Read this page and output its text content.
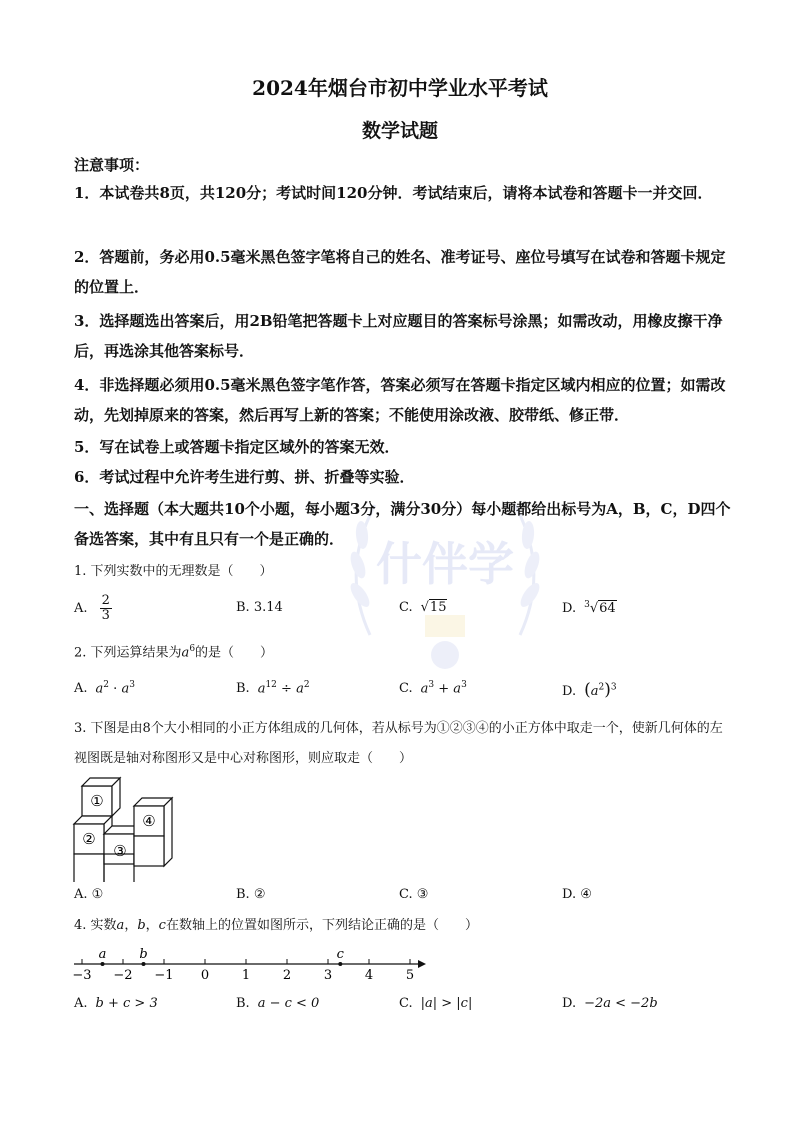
什伴学
2024年烟台市初中学业水平考试
数学试题
注意事项：
1．本试卷共8页，共120分；考试时间120分钟．考试结束后，请将本试卷和答题卡一并交回．
2．答题前，务必用0.5毫米黑色签字笔将自己的姓名、准考证号、座位号填写在试卷和答题卡规定的位置上．
3．选择题选出答案后，用2B铅笔把答题卡上对应题目的答案标号涂黑；如需改动，用橡皮擦干净后，再选涂其他答案标号．
4．非选择题必须用0.5毫米黑色签字笔作答，答案必须写在答题卡指定区域内相应的位置；如需改动，先划掉原来的答案，然后再写上新的答案；不能使用涂改液、胶带纸、修正带．
5．写在试卷上或答题卡指定区域外的答案无效．
6．考试过程中允许考生进行剪、拼、折叠等实验．
一、选择题（本大题共10个小题，每小题3分，满分30分）每小题都给出标号为A，B，C，D四个备选答案，其中有且只有一个是正确的．
1. 下列实数中的无理数是（　　）
A. $\frac{2}{3}$	B. 3.14	C. √15	D. $^3$√64
2. 下列运算结果为$a^6$的是（　　）
A. $a^2 \cdot a^3$	B. $a^{12} \div a^2$	C. $a^3 + a^3$	D. $(a^2)^3$
3. 下图是由8个大小相同的小正方体组成的几何体，若从标号为①②③④的小正方体中取走一个，使新几何体的左视图既是轴对称图形又是中心对称图形，则应取走（　　）
①
②
③
④
A. ①	B. ②	C. ③	D. ④
4. 实数a，b，c在数轴上的位置如图所示，下列结论正确的是（　　）
−3 −2 −1 0	1	2	3	4	5
a	b	c
A. b + c > 3	B. a − c < 0	C. |a| > |c|	D. −2a < −2b
